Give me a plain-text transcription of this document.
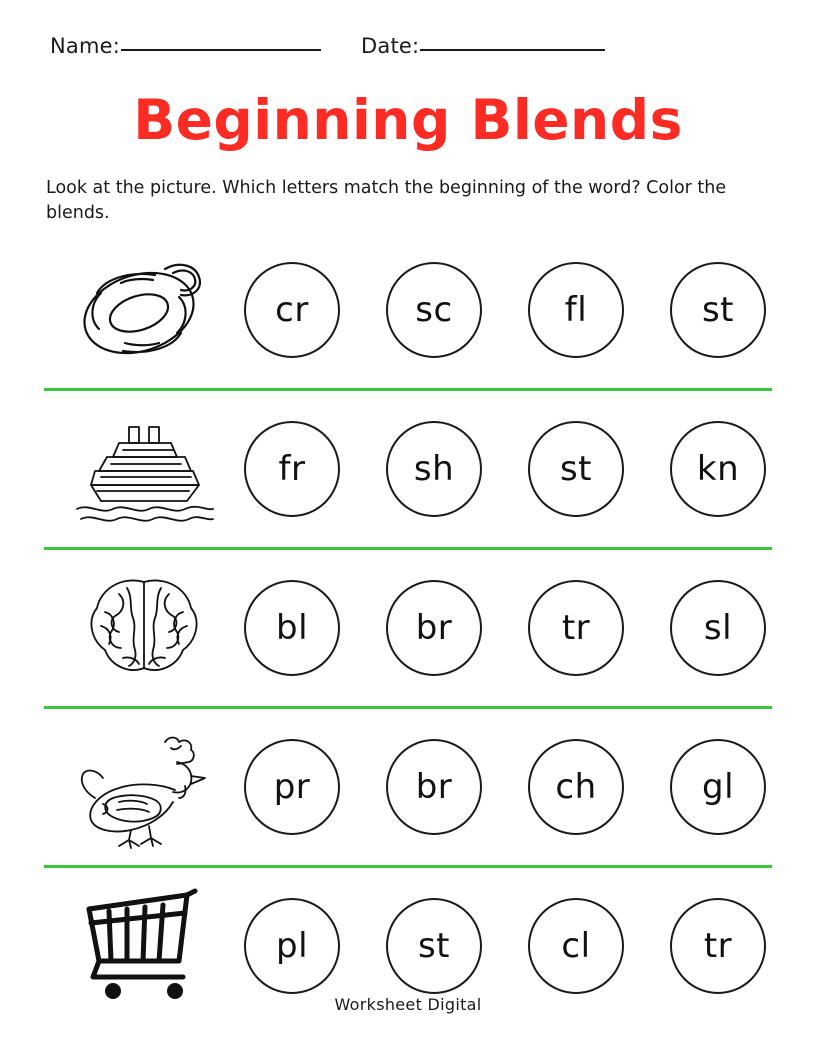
Name:	Date:
Beginning Blends
Look at the picture. Which letters match the beginning of the word? Color the blends.
cr	sc	fl	st
fr	sh	st	kn
bl	br	tr	sl
pr	br	ch	gl
pl	st	cl	tr
Worksheet Digital
